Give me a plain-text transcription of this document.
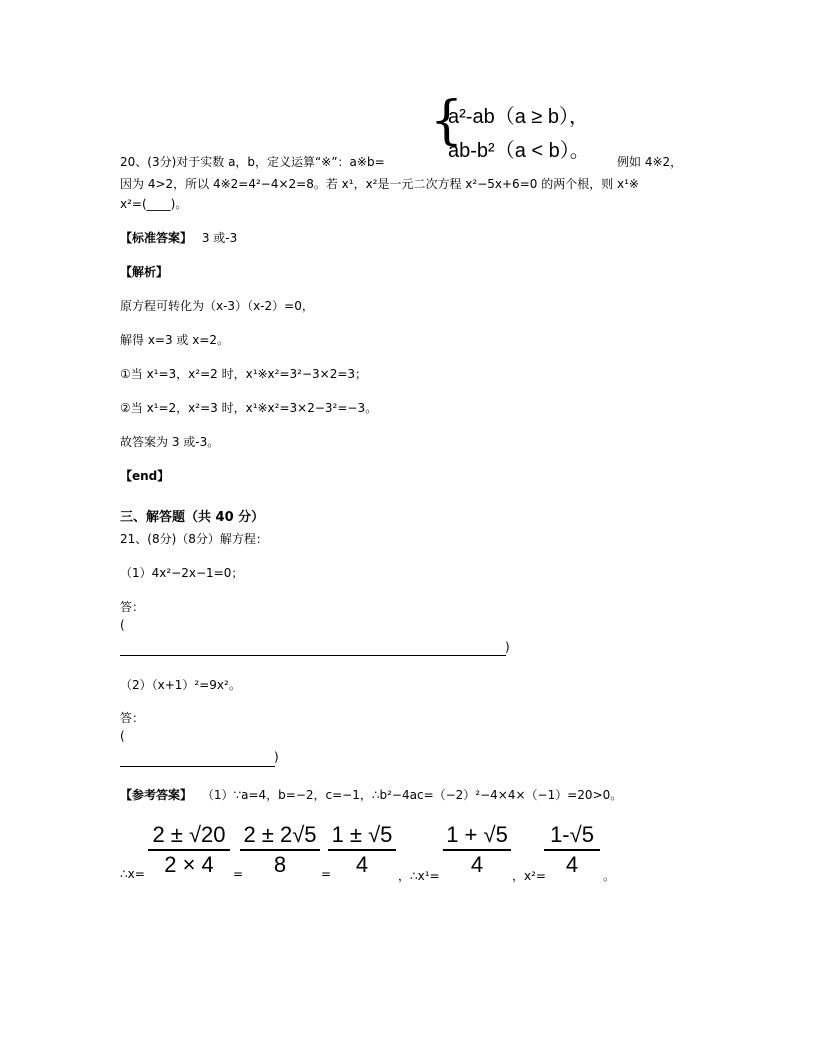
{
a²-ab（a ≥ b），
ab-b²（a < b）。
20、(3分)对于实数 a，b，定义运算“※”：a※b=	例如 4※2，
因为 4>2，所以 4※2=4²−4×2=8。若 x¹，x²是一元二次方程 x²−5x+6=0 的两个根，则 x¹※
x²=(____)。
【标准答案】 3 或-3
【解析】
原方程可转化为（x-3）（x-2）=0，
解得 x=3 或 x=2。
①当 x¹=3，x²=2 时，x¹※x²=3²−3×2=3；
②当 x¹=2，x²=3 时，x¹※x²=3×2−3²=−3。
故答案为 3 或-3。
【end】
三、解答题（共 40 分）
21、(8分)（8分）解方程：
（1）4x²−2x−1=0；
答：
(
)
（2）（x+1）²=9x²。
答：
(
)
【参考答案】 （1）∵a=4，b=−2，c=−1，∴b²−4ac=（−2）²−4×4×（−1）=20>0。
∴x=
2 ± √20
2 × 4	=
2 ± 2√5
8	=
1 ± √5
4	，∴x¹=
1 + √5
4	，x²=
1-√5
4	。
